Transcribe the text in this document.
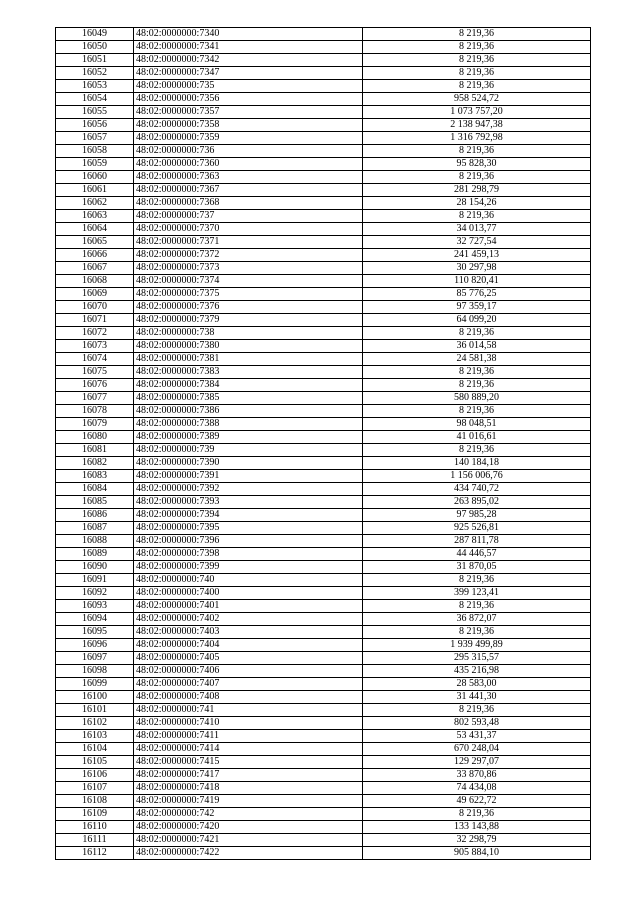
16049	48:02:0000000:7340	8 219,36
16050	48:02:0000000:7341	8 219,36
16051	48:02:0000000:7342	8 219,36
16052	48:02:0000000:7347	8 219,36
16053	48:02:0000000:735	8 219,36
16054	48:02:0000000:7356	958 524,72
16055	48:02:0000000:7357	1 073 757,20
16056	48:02:0000000:7358	2 138 947,38
16057	48:02:0000000:7359	1 316 792,98
16058	48:02:0000000:736	8 219,36
16059	48:02:0000000:7360	95 828,30
16060	48:02:0000000:7363	8 219,36
16061	48:02:0000000:7367	281 298,79
16062	48:02:0000000:7368	28 154,26
16063	48:02:0000000:737	8 219,36
16064	48:02:0000000:7370	34 013,77
16065	48:02:0000000:7371	32 727,54
16066	48:02:0000000:7372	241 459,13
16067	48:02:0000000:7373	30 297,98
16068	48:02:0000000:7374	110 820,41
16069	48:02:0000000:7375	85 776,25
16070	48:02:0000000:7376	97 359,17
16071	48:02:0000000:7379	64 099,20
16072	48:02:0000000:738	8 219,36
16073	48:02:0000000:7380	36 014,58
16074	48:02:0000000:7381	24 581,38
16075	48:02:0000000:7383	8 219,36
16076	48:02:0000000:7384	8 219,36
16077	48:02:0000000:7385	580 889,20
16078	48:02:0000000:7386	8 219,36
16079	48:02:0000000:7388	98 048,51
16080	48:02:0000000:7389	41 016,61
16081	48:02:0000000:739	8 219,36
16082	48:02:0000000:7390	140 184,18
16083	48:02:0000000:7391	1 156 006,76
16084	48:02:0000000:7392	434 740,72
16085	48:02:0000000:7393	263 895,02
16086	48:02:0000000:7394	97 985,28
16087	48:02:0000000:7395	925 526,81
16088	48:02:0000000:7396	287 811,78
16089	48:02:0000000:7398	44 446,57
16090	48:02:0000000:7399	31 870,05
16091	48:02:0000000:740	8 219,36
16092	48:02:0000000:7400	399 123,41
16093	48:02:0000000:7401	8 219,36
16094	48:02:0000000:7402	36 872,07
16095	48:02:0000000:7403	8 219,36
16096	48:02:0000000:7404	1 939 499,89
16097	48:02:0000000:7405	295 315,57
16098	48:02:0000000:7406	435 216,98
16099	48:02:0000000:7407	28 583,00
16100	48:02:0000000:7408	31 441,30
16101	48:02:0000000:741	8 219,36
16102	48:02:0000000:7410	802 593,48
16103	48:02:0000000:7411	53 431,37
16104	48:02:0000000:7414	670 248,04
16105	48:02:0000000:7415	129 297,07
16106	48:02:0000000:7417	33 870,86
16107	48:02:0000000:7418	74 434,08
16108	48:02:0000000:7419	49 622,72
16109	48:02:0000000:742	8 219,36
16110	48:02:0000000:7420	133 143,88
16111	48:02:0000000:7421	32 298,79
16112	48:02:0000000:7422	905 884,10
